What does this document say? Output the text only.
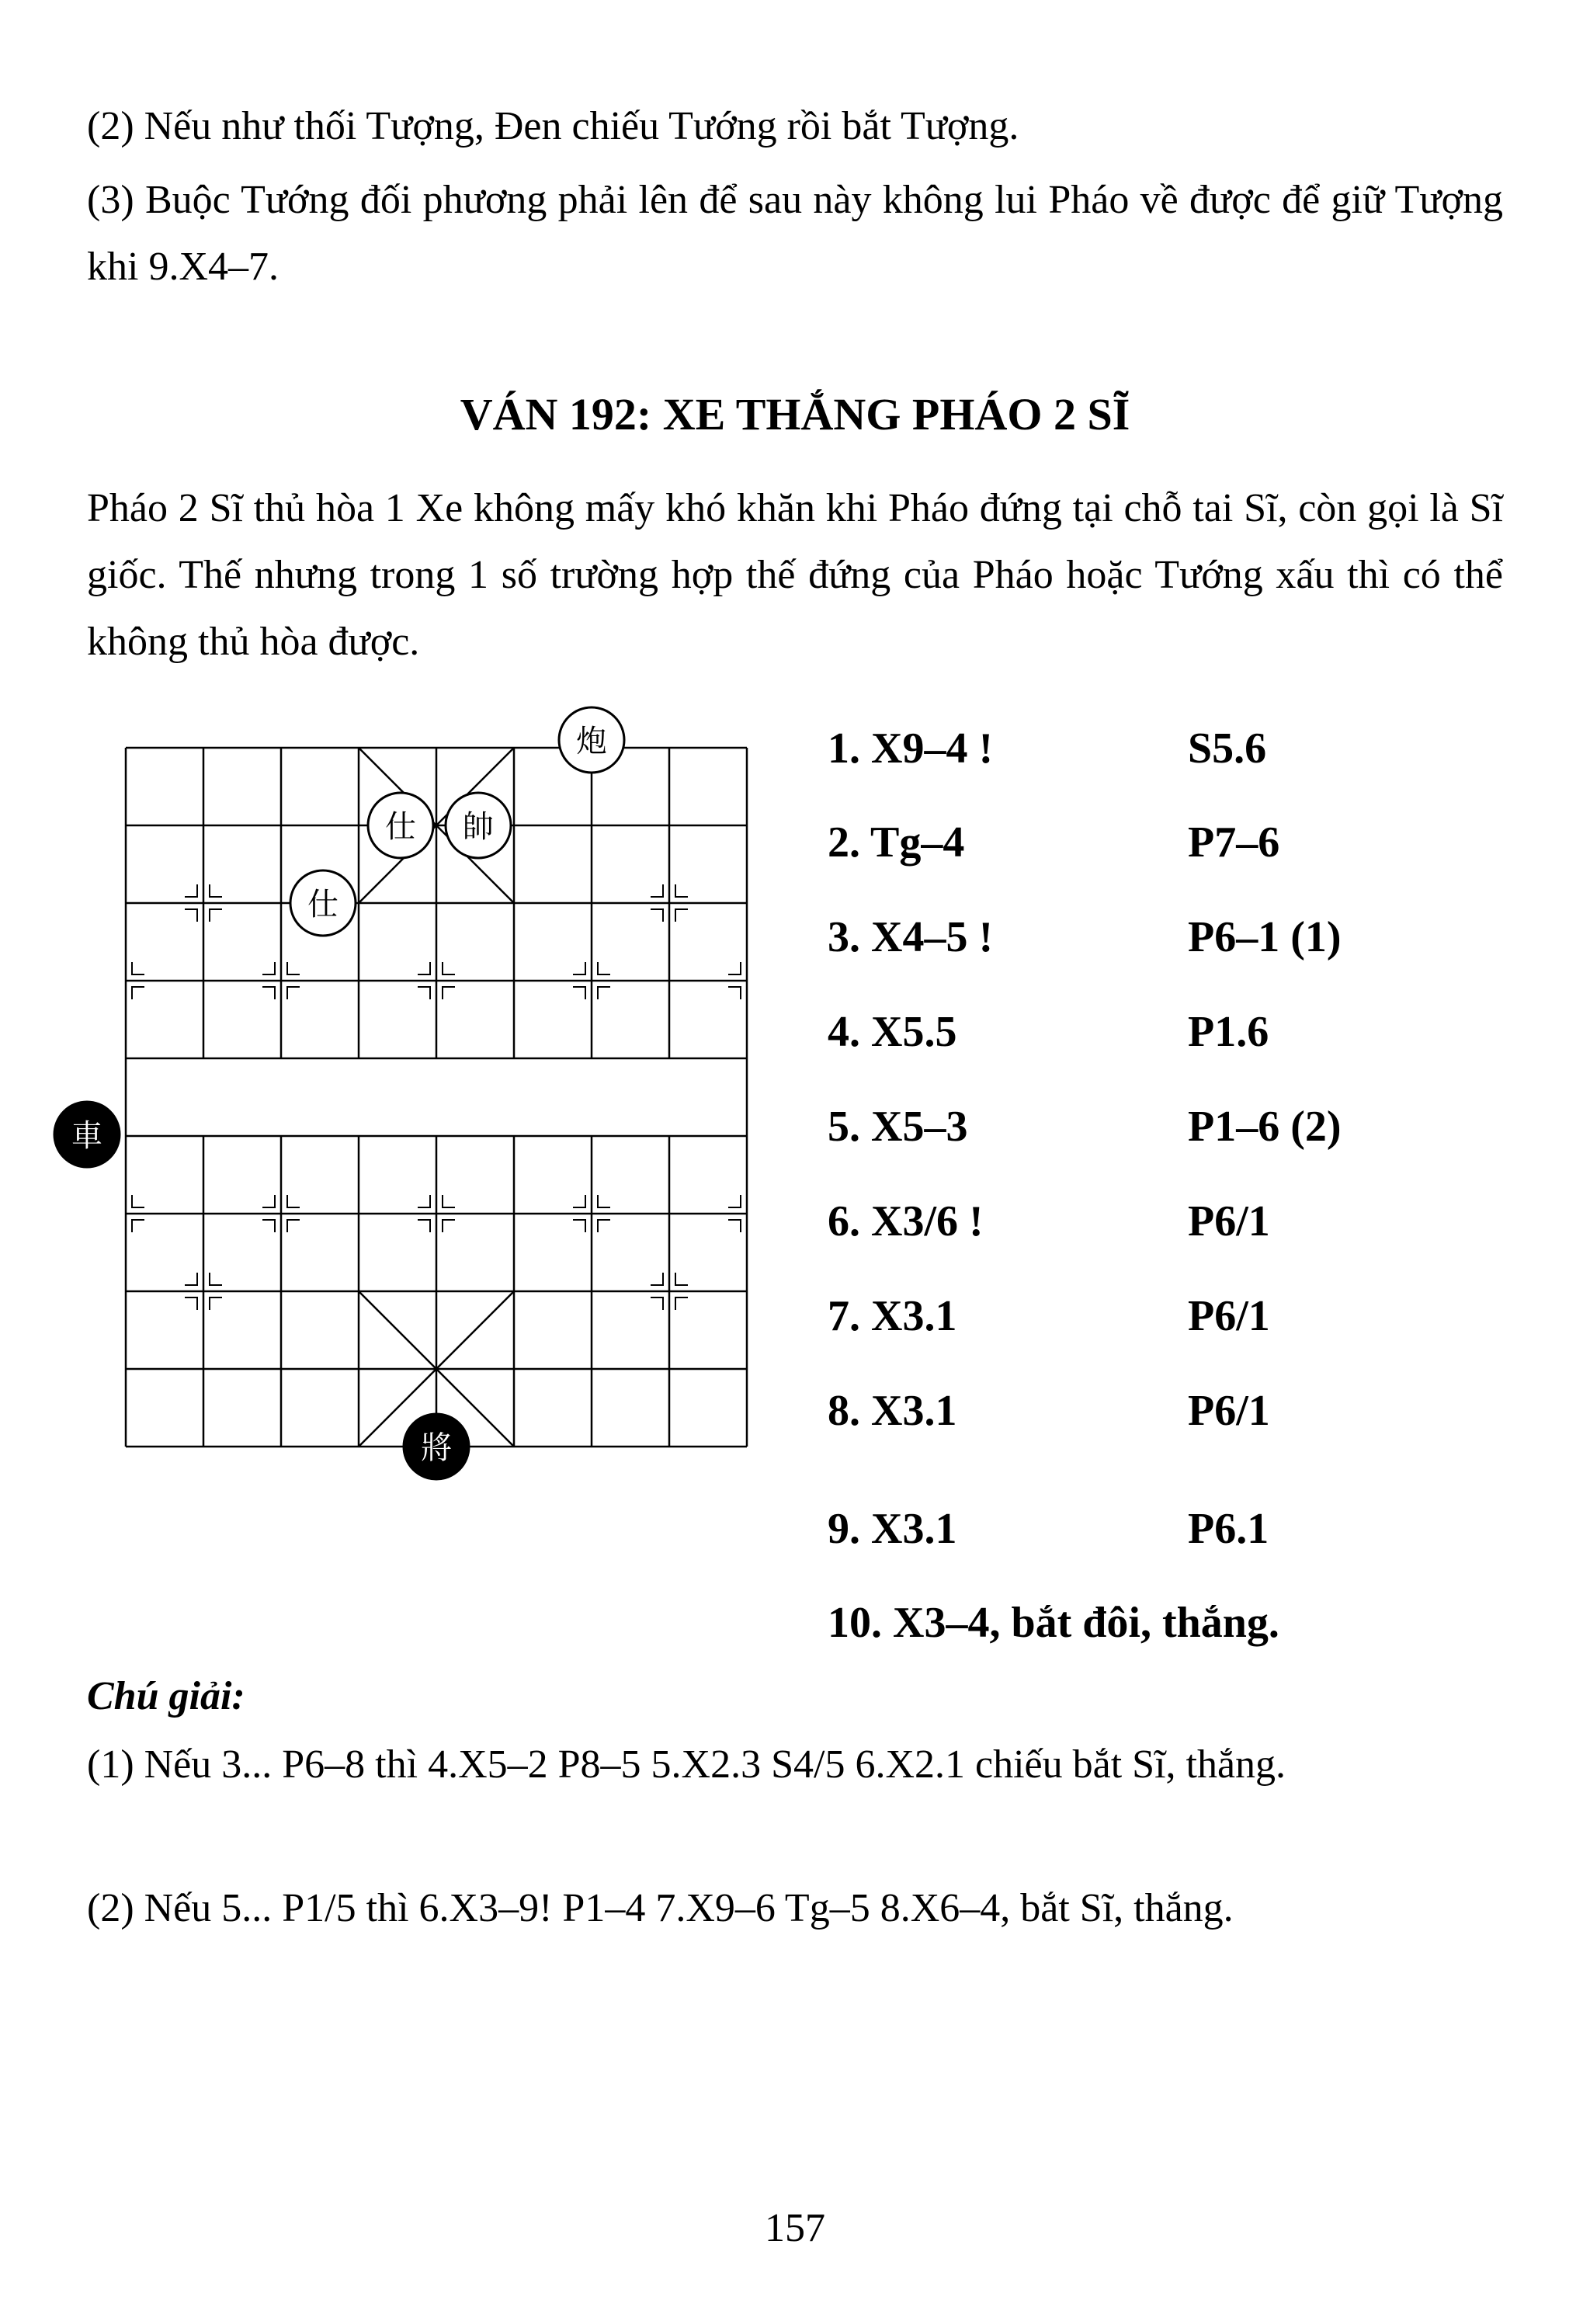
(2) Nếu như thối Tượng, Đen chiếu Tướng rồi bắt Tượng.

(3) Buộc Tướng đối phương phải lên để sau này không lui Pháo về được để giữ Tượng khi 9.X4–7.

VÁN 192: XE THẮNG PHÁO 2 SĨ

Pháo 2 Sĩ thủ hòa 1 Xe không mấy khó khăn khi Pháo đứng tại chỗ tai Sĩ, còn gọi là Sĩ giốc. Thế nhưng trong 1 số trường hợp thế đứng của Pháo hoặc Tướng xấu thì có thể không thủ hòa được.

炮
仕 帥
仕
車
將
1. X9–4 !	S5.6
2. Tg–4	P7–6
3. X4–5 !	P6–1 (1)
4. X5.5	P1.6
5. X5–3	P1–6 (2)
6. X3/6 !	P6/1
7. X3.1	P6/1
8. X3.1	P6/1
9. X3.1	P6.1
10. X3–4, bắt đôi, thắng.
Chú giải:

(1) Nếu 3... P6–8 thì 4.X5–2 P8–5 5.X2.3 S4/5 6.X2.1 chiếu bắt Sĩ, thắng.

(2) Nếu 5... P1/5 thì 6.X3–9! P1–4 7.X9–6 Tg–5 8.X6–4, bắt Sĩ, thắng.

157
